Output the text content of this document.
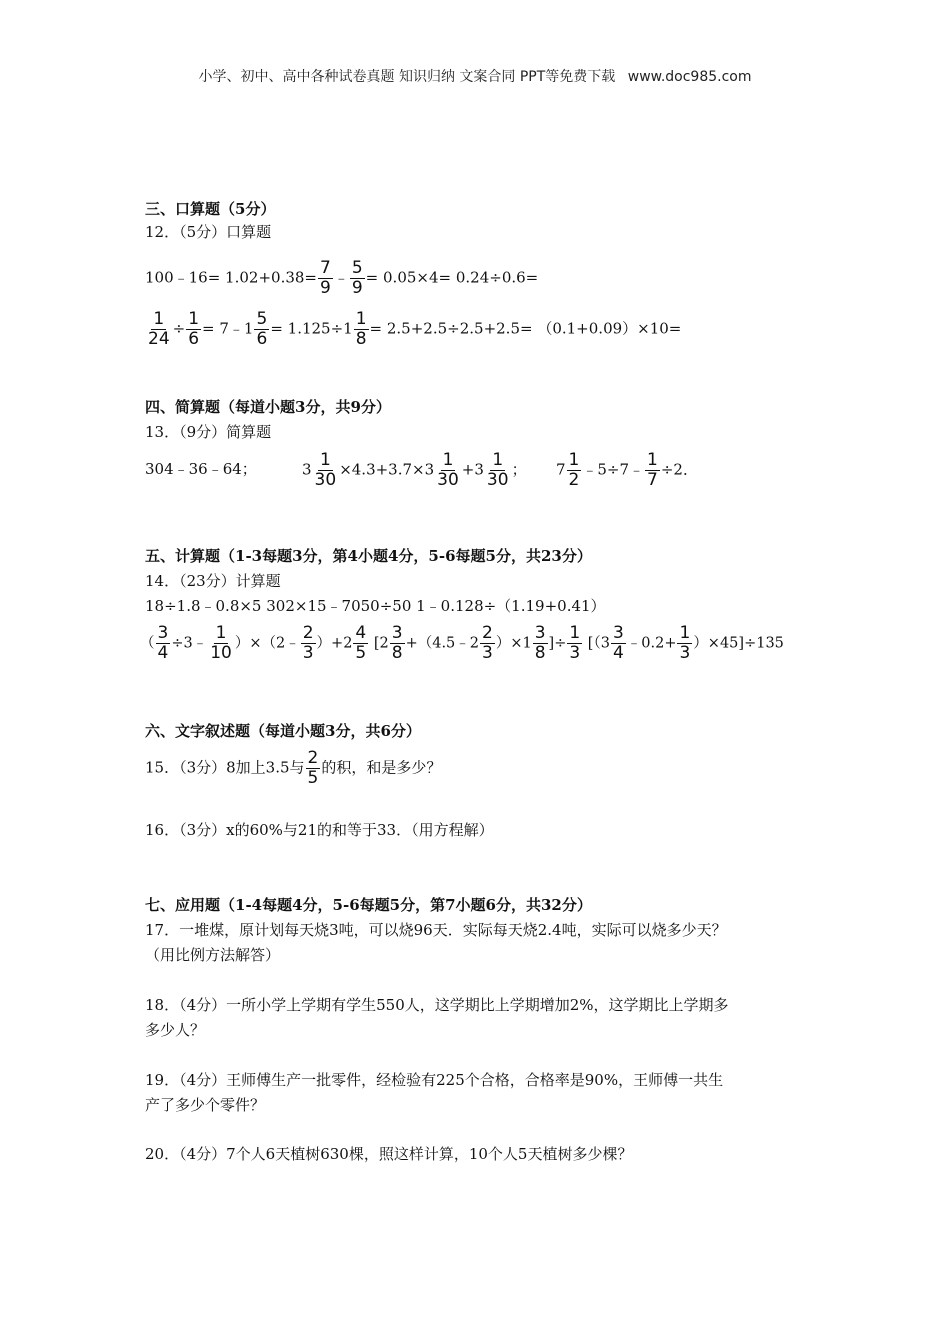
小学、初中、高中各种试卷真题 知识归纳 文案合同 PPT等免费下载 www.doc985.com
三、口算题（5分）
12．（5分）口算题
100﹣16= $1.02+0.38= \frac{7}{9}$ ﹣ $\frac{5}{9} = 0.05\times 4= 0.24\div 0.6=$
$\frac{1}{24} \div \frac{1}{6}$ = 7﹣1 $\frac{5}{6} = 1.125\div 1 \frac{1}{8} = 2.5+2.5\div 2.5+2.5= (0.1+0.09)\times 10=$
四、简算题（每道小题3分，共9分）
13．（9分）简算题
304﹣36﹣64；	$3 \frac{1}{30} \times 4.3+3.7\times 3 \frac{1}{30} +3 \frac{1}{30}$ ； $7 \frac{1}{2}$ ﹣5÷7﹣ $\frac{1}{7} \div 2$．
五、计算题（1-3每题3分，第4小题4分，5-6每题5分，共23分）
14．（23分）计算题
18÷1.8﹣0.8×5 302×15﹣7050÷50 1﹣0.128÷（1.19+0.41）
（ $\frac{3}{4}$ ÷3﹣ $\frac{1}{10}$ ）×（2﹣ $\frac{2}{3} )+2 \frac{4}{5} [2 \frac{3}{8}$ +（4.5﹣2 $\frac{2}{3} )\times 1 \frac{3}{8}$ ]÷ $\frac{1}{3} [(3 \frac{3}{4}$ ﹣0.2+ $\frac{1}{3} )\times 45]\div 135$
六、文字叙述题（每道小题3分，共6分）
15．（3分）8加上3.5与 $\frac{2}{5}$ 的积，和是多少？
16．（3分）x的60%与21的和等于33．（用方程解）
七、应用题（1-4每题4分，5-6每题5分，第7小题6分，共32分）
17．一堆煤，原计划每天烧3吨，可以烧96天．实际每天烧2.4吨，实际可以烧多少天？
（用比例方法解答）
18．（4分）一所小学上学期有学生550人，这学期比上学期增加2%，这学期比上学期多
多少人？
19．（4分）王师傅生产一批零件，经检验有225个合格，合格率是90%，王师傅一共生
产了多少个零件？
20．（4分）7个人6天植树630棵，照这样计算，10个人5天植树多少棵？
